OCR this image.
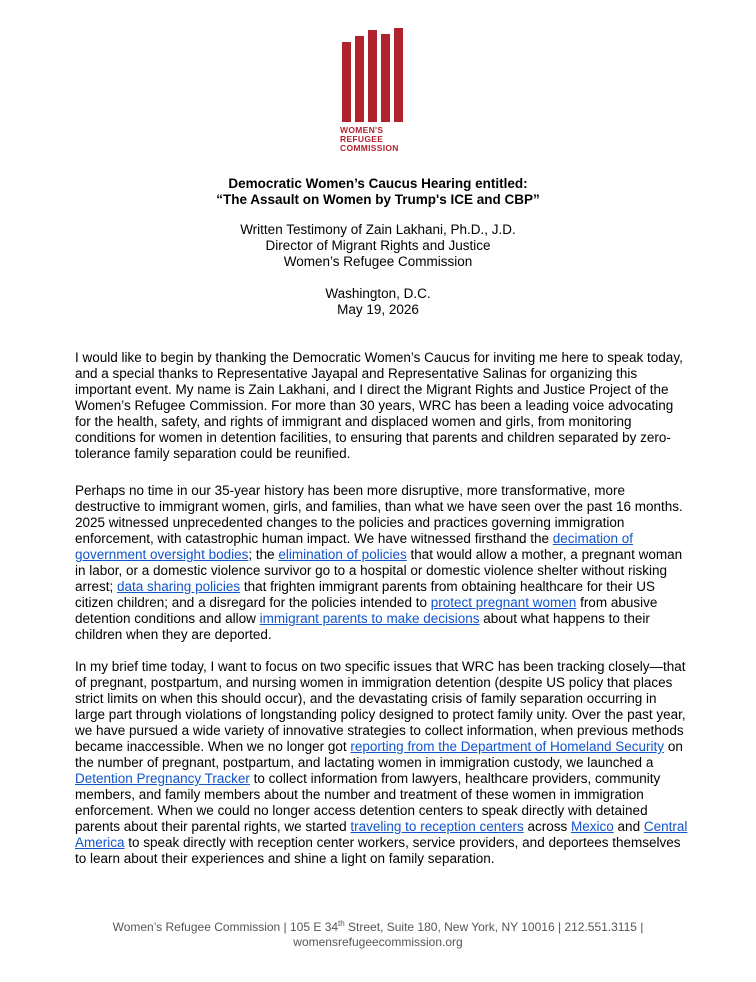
WOMEN'S
REFUGEE
COMMISSION
Democratic Women’s Caucus Hearing entitled:
“The Assault on Women by Trump's ICE and CBP”
Written Testimony of Zain Lakhani, Ph.D., J.D.
Director of Migrant Rights and Justice
Women’s Refugee Commission
Washington, D.C.
May 19, 2026
I would like to begin by thanking the Democratic Women’s Caucus for inviting me here to speak today, and a special thanks to Representative Jayapal and Representative Salinas for organizing this important event. My name is Zain Lakhani, and I direct the Migrant Rights and Justice Project of the Women’s Refugee Commission. For more than 30 years, WRC has been a leading voice advocating for the health, safety, and rights of immigrant and displaced women and girls, from monitoring conditions for women in detention facilities, to ensuring that parents and children separated by zero-tolerance family separation could be reunified.
Perhaps no time in our 35-year history has been more disruptive, more transformative, more destructive to immigrant women, girls, and families, than what we have seen over the past 16 months. 2025 witnessed unprecedented changes to the policies and practices governing immigration enforcement, with catastrophic human impact. We have witnessed firsthand the decimation of government oversight bodies; the elimination of policies that would allow a mother, a pregnant woman in labor, or a domestic violence survivor go to a hospital or domestic violence shelter without risking arrest; data sharing policies that frighten immigrant parents from obtaining healthcare for their US citizen children; and a disregard for the policies intended to protect pregnant women from abusive detention conditions and allow immigrant parents to make decisions about what happens to their children when they are deported.
In my brief time today, I want to focus on two specific issues that WRC has been tracking closely—that of pregnant, postpartum, and nursing women in immigration detention (despite US policy that places strict limits on when this should occur), and the devastating crisis of family separation occurring in large part through violations of longstanding policy designed to protect family unity. Over the past year, we have pursued a wide variety of innovative strategies to collect information, when previous methods became inaccessible. When we no longer got reporting from the Department of Homeland Security on the number of pregnant, postpartum, and lactating women in immigration custody, we launched a Detention Pregnancy Tracker to collect information from lawyers, healthcare providers, community members, and family members about the number and treatment of these women in immigration enforcement. When we could no longer access detention centers to speak directly with detained parents about their parental rights, we started traveling to reception centers across Mexico and Central America to speak directly with reception center workers, service providers, and deportees themselves to learn about their experiences and shine a light on family separation.
Women’s Refugee Commission | 105 E 34th Street, Suite 180, New York, NY 10016 | 212.551.3115 |
womensrefugeecommission.org
